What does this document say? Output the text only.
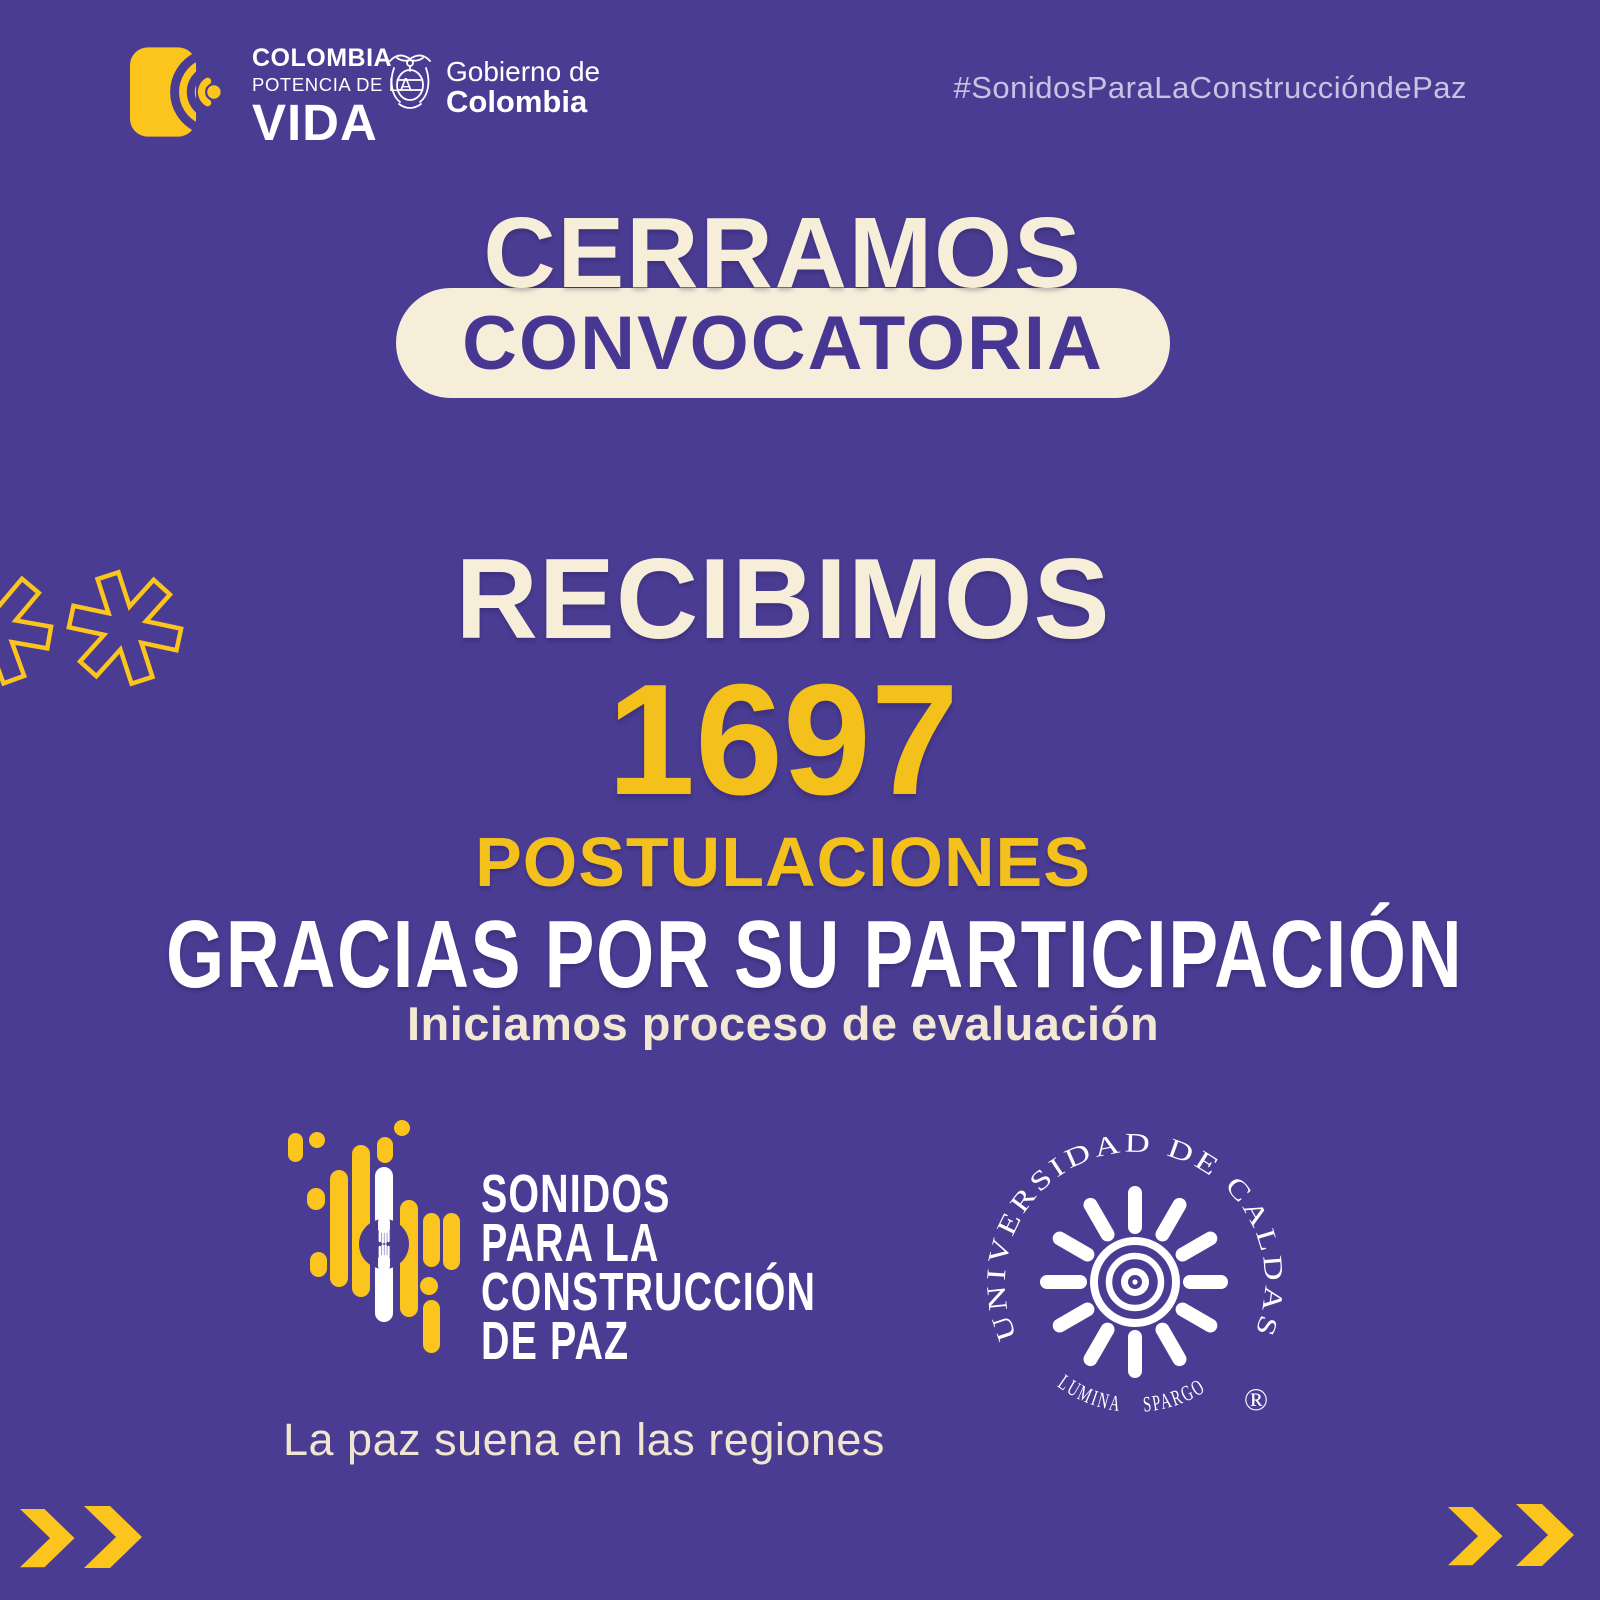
COLOMBIA
POTENCIA DE LA
VIDA
Gobierno de
Colombia	#SonidosParaLaConstruccióndePaz
CERRAMOS
CONVOCATORIA
RECIBIMOS
1697
POSTULACIONES
GRACIAS POR SU PARTICIPACIÓN
Iniciamos proceso de evaluación
SONIDOS
PARA LA
CONSTRUCCIÓN
DE PAZ
La paz suena en las regiones
UNIVERSIDAD DE CALDAS
LUMINA SPARGO ®
